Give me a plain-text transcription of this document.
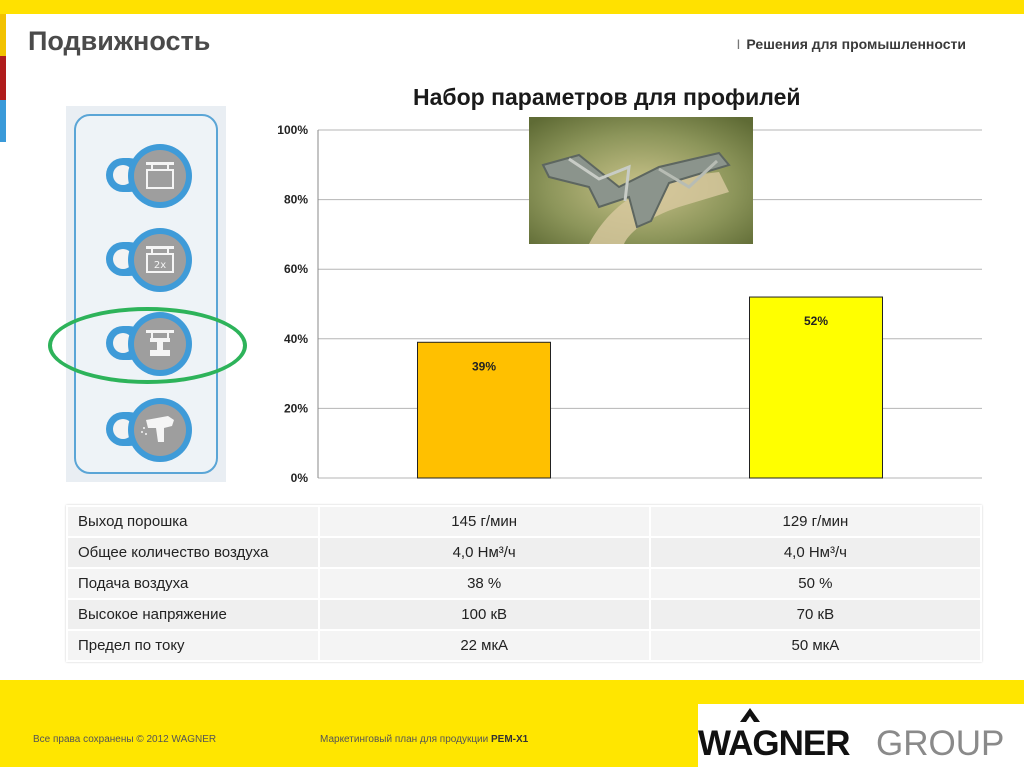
Подвижность	I Решения для промышленности
2x
Набор параметров для профилей
0%
20%
40%
60%
80%
100%
39%
52%
Выход порошка	145 г/мин	129 г/мин
Общее количество воздуха	4,0 Нм³/ч	4,0 Нм³/ч
Подача воздуха	38 %	50 %
Высокое напряжение	100 кВ	70 кВ
Предел по току	22 мкА	50 мкА
Все права сохранены © 2012 WAGNER	Маркетинговый план для продукции PEM-X1	WAGNER GROUP
